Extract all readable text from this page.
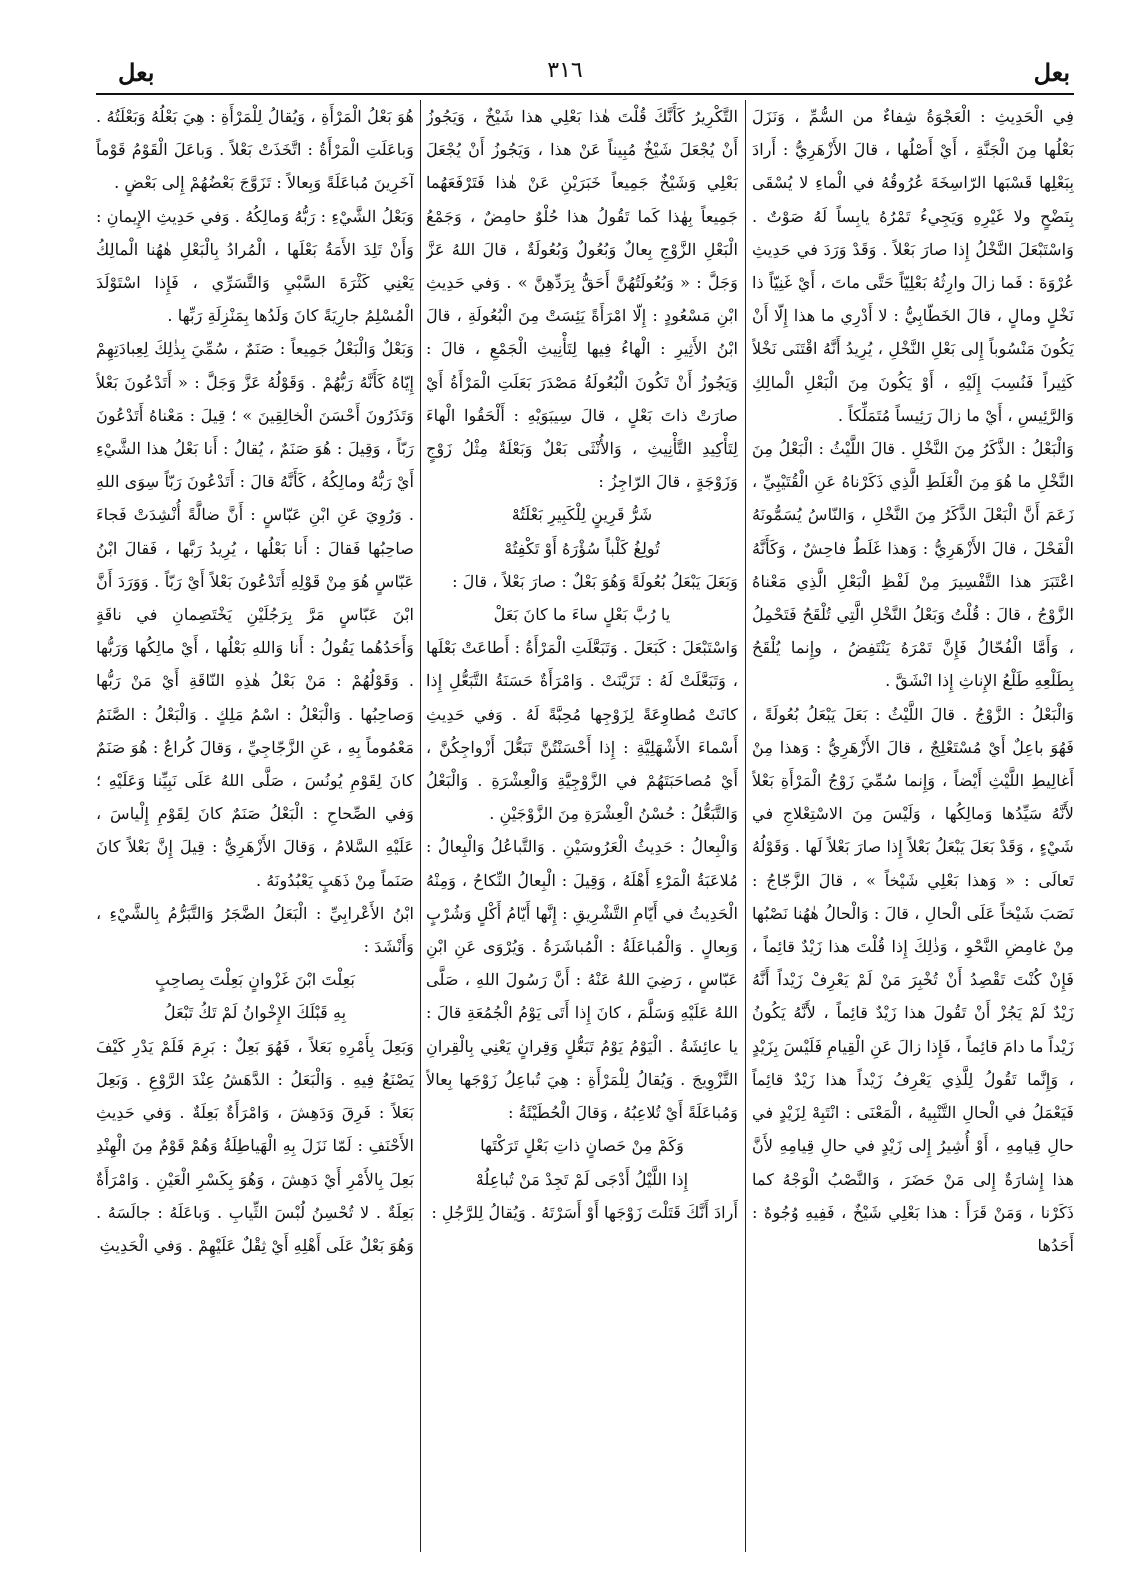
بعل
٣١٦
بعل

فِي الْحَدِيثِ : الْعَجْوَةُ شِفاءٌ من السُّمِّ ، وَنَزَلَ بَعْلُها مِنَ الْجَنَّةِ ، أَيْ أَصْلُها ، قالَ الأَزْهَرِيُّ : أَرادَ بِبَعْلِها قَسْبَها الرّاسِخَةَ عُرُوقُهُ في الْماءِ لا يُسْقَى بِنَضْحٍ ولا غَيْرِهِ وَيَجِيءُ تَمْرُهُ يابِساً لَهُ صَوْتٌ . وَاسْتَبْعَلَ النَّخْلُ إِذا صارَ بَعْلاً . وَقَدْ وَرَدَ في حَدِيثِ عُرْوَةَ : فَما زالَ وارِثُهُ بَعْلِيّاً حَتَّى ماتَ ، أَيْ غَنِيّاً ذا نَخْلٍ ومالٍ ، قالَ الخَطّابِيُّ : لا أَدْرِي ما هذا إِلّا أَنْ يَكُونَ مَنْسُوباً إِلى بَعْلِ النَّخْلِ ، يُرِيدُ أَنَّهُ اقْتَنَى نَخْلاً كَثِيراً فَنُسِبَ إِلَيْهِ ، أَوْ يَكُونَ مِنَ الْبَعْلِ الْمالِكِ وَالرَّئِيسِ ، أَيْ ما زالَ رَئِيساً مُتَمَلِّكاً .

وَالْبَعْلُ : الذَّكَرُ مِنَ النَّخْلِ . قالَ اللَّيْثُ : الْبَعْلُ مِنَ النَّخْلِ ما هُوَ مِنَ الْغَلَطِ الَّذِي ذَكَرْناهُ عَنِ الْقُتَيْبِيِّ ، زَعَمَ أَنَّ الْبَعْلَ الذَّكَرُ مِنَ النَّخْلِ ، وَالنّاسُ يُسَمُّونَهُ الْفَحْلَ ، قالَ الأَزْهَرِيُّ : وَهذا غَلَطٌ فاحِشٌ ، وَكَأَنَّهُ اعْتَبَرَ هذا التَّفْسِيرَ مِنْ لَفْظِ الْبَعْلِ الَّذِي مَعْناهُ الزَّوْجُ ، قالَ : قُلْتُ وَبَعْلُ النَّخْلِ الَّتِي تُلْقَحُ فَتَحْمِلُ ، وَأَمَّا الْفُحّالُ فَإِنَّ تَمْرَهُ يَنْتَفِضُ ، وإِنما يُلْقَحُ بِطَلْعِهِ طَلْعُ الإِناثِ إِذا انْشَقَّ .

وَالْبَعْلُ : الزَّوْجُ . قالَ اللَّيْثُ : بَعَلَ يَبْعَلُ بُعُولَةً ، فَهُوَ باعِلٌ أَيْ مُسْتَعْلِجٌ ، قالَ الأَزْهَرِيُّ : وَهذا مِنْ أَغالِيطِ اللَّيْثِ أَيْضاً ، وَإِنما سُمِّيَ زَوْجُ الْمَرْأَةِ بَعْلاً لأَنَّهُ سَيِّدُها وَمالِكُها ، وَلَيْسَ مِنَ الاسْتِعْلاجِ في شَيْءٍ ، وَقَدْ بَعَلَ يَبْعَلُ بَعْلاً إِذا صارَ بَعْلاً لَها . وَقَوْلُهُ تَعالَى : « وَهذا بَعْلِي شَيْخاً » ، قالَ الزَّجّاجُ : نَصَبَ شَيْخاً عَلَى الْحالِ ، قالَ : وَالْحالُ هٰهُنا نَصْبُها مِنْ غامِضِ النَّحْوِ ، وَذٰلِكَ إِذا قُلْتَ هذا زَيْدٌ قائِماً ، فَإِنْ كُنْتَ تَقْصِدُ أَنْ تُخْبِرَ مَنْ لَمْ يَعْرِفْ زَيْداً أَنَّهُ زَيْدٌ لَمْ يَجُزْ أَنْ تَقُولَ هذا زَيْدٌ قائِماً ، لأَنَّهُ يَكُونُ زَيْداً ما دامَ قائِماً ، فَإِذا زالَ عَنِ الْقِيامِ فَلَيْسَ بِزَيْدٍ ، وَإِنَّما تَقُولُ لِلَّذِي يَعْرِفُ زَيْداً هذا زَيْدٌ قائِماً فَيَعْمَلُ في الْحالِ التَّنْبِيهُ ، الْمَعْنَى : انْتَبِهْ لِزَيْدٍ في حالِ قِيامِهِ ، أَوْ أُشِيرُ إِلى زَيْدٍ في حالِ قِيامِهِ لأَنَّ هذا إِشارَةٌ إِلى مَنْ حَضَرَ ، وَالنَّصْبُ الْوَجْهُ كما ذَكَرْنا ، وَمَنْ قَرَأَ : هذا بَعْلِي شَيْخٌ ، فَفِيهِ وُجُوهٌ : أَحَدُها

التَّكْرِيرُ كَأَنَّكَ قُلْتَ هٰذا بَعْلِي هذا شَيْخٌ ، وَيَجُوزُ أَنْ يُجْعَلَ شَيْخٌ مُبِيناً عَنْ هذا ، وَيَجُوزُ أَنْ يُجْعَلَ بَعْلِي وَشَيْخٌ جَمِيعاً خَبَرَيْنِ عَنْ هٰذا فَتَرْفَعَهُما جَمِيعاً بِهٰذا كَما تَقُولُ هذا حُلْوٌ حامِضٌ ، وَجَمْعُ الْبَعْلِ الزَّوْجِ بِعالٌ وَبُعُولٌ وَبُعُولَةٌ ، قالَ اللهُ عَزَّ وَجَلَّ : « وَبُعُولَتُهُنَّ أَحَقُّ بِرَدِّهِنَّ » . وَفي حَدِيثِ ابْنِ مَسْعُودٍ : إِلّا امْرَأَةً يَئِسَتْ مِنَ الْبُعُولَةِ ، قالَ ابْنُ الأَثِيرِ : الْهاءُ فِيها لِتَأْنِيثِ الْجَمْعِ ، قالَ : وَيَجُوزُ أَنْ تَكُونَ الْبُعُولَةُ مَصْدَرَ بَعَلَتِ الْمَرْأَةُ أَيْ صارَتْ ذاتَ بَعْلٍ ، قالَ سِيبَوَيْهِ : أَلْحَقُوا الْهاءَ لِتَأْكِيدِ التَّأْنِيثِ ، وَالأُنْثَى بَعْلٌ وَبَعْلَةٌ مِثْلُ زَوْجٍ وَزَوْجَةٍ ، قالَ الرّاجِزُ :

شَرُّ قَرِينٍ لِلْكَبِيرِ بَعْلَتُهْ

تُولِغُ كَلْباً سُؤْرَهُ أَوْ تَكْفِتُهْ

وَبَعَلَ يَبْعَلُ بُعُولَةً وَهُوَ بَعْلٌ : صارَ بَعْلاً ، قالَ :

يا رُبَّ بَعْلٍ ساءَ ما كانَ بَعَلْ

وَاسْتَبْعَلَ : كَبَعَلَ . وَتَبَعَّلَتِ الْمَرْأَةُ : أَطاعَتْ بَعْلَها ، وَتَبَعَّلَتْ لَهُ : تَزَيَّنَتْ . وَامْرَأَةٌ حَسَنَةُ التَّبَعُّلِ إِذا كانَتْ مُطاوِعَةً لِزَوْجِها مُحِبَّةً لَهُ . وَفي حَدِيثِ أَسْماءَ الأَشْهَلِيَّةِ : إِذا أَحْسَنْتُنَّ تَبَعُّلَ أَزْواجِكُنَّ ، أَيْ مُصاحَبَتَهُمْ في الزَّوْجِيَّةِ وَالْعِشْرَةِ . وَالْبَعْلُ وَالتَّبَعُّلُ : حُسْنُ الْعِشْرَةِ مِنَ الزَّوْجَيْنِ .

وَالْبِعالُ : حَدِيثُ الْعَرُوسَيْنِ . وَالتَّباعُلُ وَالْبِعالُ : مُلاعَبَةُ الْمَرْءِ أَهْلَهُ ، وَقِيلَ : الْبِعالُ النِّكاحُ ، وَمِنْهُ الْحَدِيثُ في أَيّامِ التَّشْرِيقِ : إِنَّها أَيّامُ أَكْلٍ وَشُرْبٍ وَبِعالٍ . وَالْمُباعَلَةُ : الْمُباشَرَةُ . وَيُرْوَى عَنِ ابْنِ عَبّاسٍ ، رَضِيَ اللهُ عَنْهُ : أَنَّ رَسُولَ اللهِ ، صَلَّى اللهُ عَلَيْهِ وَسَلَّمَ ، كانَ إِذا أَتَى يَوْمُ الْجُمُعَةِ قالَ : يا عائِشَةُ . الْيَوْمُ يَوْمُ تَبَعُّلٍ وَقِرانٍ يَعْنِي بِالْقِرانِ التَّزْوِيجَ . وَيُقالُ لِلْمَرْأَةِ : هِيَ تُباعِلُ زَوْجَها بِعالاً وَمُباعَلَةً أَيْ تُلاعِبُهُ ، وَقالَ الْحُطَيْئَةُ :

وَكَمْ مِنْ حَصانٍ ذاتِ بَعْلٍ تَرَكْتَها

إِذا اللَّيْلُ أَدْجَى لَمْ تَجِدْ مَنْ تُباعِلُهْ

أَرادَ أَنَّكَ قَتَلْتَ زَوْجَها أَوْ أَسَرْتَهُ . وَيُقالُ لِلرَّجُلِ :

هُوَ بَعْلُ الْمَرْأَةِ ، وَيُقالُ لِلْمَرْأَةِ : هِيَ بَعْلُهُ وَبَعْلَتُهُ . وَباعَلَتِ الْمَرْأَةُ : اتَّخَذَتْ بَعْلاً . وَباعَلَ الْقَوْمُ قَوْماً آخَرِينَ مُباعَلَةً وَبِعالاً : تَزَوَّجَ بَعْضُهُمْ إِلى بَعْضٍ .

وَبَعْلُ الشَّيْءِ : رَبُّهُ وَمالِكُهُ . وَفي حَدِيثِ الإِيمانِ : وَأَنْ تَلِدَ الأَمَةُ بَعْلَها ، الْمُرادُ بِالْبَعْلِ هٰهُنا الْمالِكُ يَعْنِي كَثْرَةَ السَّبْيِ وَالتَّسَرِّي ، فَإِذا اسْتَوْلَدَ الْمُسْلِمُ جارِيَةً كانَ وَلَدُها بِمَنْزِلَةِ رَبِّها .

وَبَعْلٌ وَالْبَعْلُ جَمِيعاً : صَنَمٌ ، سُمِّيَ بِذٰلِكَ لِعِبادَتِهِمْ إِيّاهُ كَأَنَّهُ رَبُّهُمْ . وَقَوْلُهُ عَزَّ وَجَلَّ : « أَتَدْعُونَ بَعْلاً وَتَذَرُونَ أَحْسَنَ الْخالِقِينَ » ؛ قِيلَ : مَعْناهُ أَتَدْعُونَ رَبّاً ، وَقِيلَ : هُوَ صَنَمٌ ، يُقالُ : أَنا بَعْلُ هذا الشَّيْءِ أَيْ رَبُّهُ ومالِكُهُ ، كَأَنَّهُ قالَ : أَتَدْعُونَ رَبّاً سِوَى اللهِ . وَرُوِيَ عَنِ ابْنِ عَبّاسٍ : أَنَّ ضالَّةً أُنْشِدَتْ فَجاءَ صاحِبُها فَقالَ : أَنا بَعْلُها ، يُرِيدُ رَبَّها ، فَقالَ ابْنُ عَبّاسٍ هُوَ مِنْ قَوْلِهِ أَتَدْعُونَ بَعْلاً أَيْ رَبّاً . وَوَرَدَ أَنَّ ابْنَ عَبّاسٍ مَرَّ بِرَجُلَيْنِ يَخْتَصِمانِ في ناقَةٍ وَأَحَدُهُما يَقُولُ : أَنا وَاللهِ بَعْلُها ، أَيْ مالِكُها وَرَبُّها . وَقَوْلُهُمْ : مَنْ بَعْلُ هٰذِهِ النّاقَةِ أَيْ مَنْ رَبُّها وَصاحِبُها . وَالْبَعْلُ : اسْمُ مَلِكٍ . وَالْبَعْلُ : الصَّنَمُ مَعْمُوماً بِهِ ، عَنِ الزَّجّاجِيِّ ، وَقالَ كُراعٌ : هُوَ صَنَمٌ كانَ لِقَوْمِ يُونُسَ ، صَلَّى اللهُ عَلَى نَبِيِّنا وَعَلَيْهِ ؛ وَفي الصِّحاحِ : الْبَعْلُ صَنَمٌ كانَ لِقَوْمِ إِلْياسَ ، عَلَيْهِ السَّلامُ ، وَقالَ الأَزْهَرِيُّ : قِيلَ إِنَّ بَعْلاً كانَ صَنَماً مِنْ ذَهَبٍ يَعْبُدُونَهُ .

ابْنُ الأَعْرابِيِّ : الْبَعَلُ الضَّجَرُ وَالتَّبَرُّمُ بِالشَّيْءِ ، وَأَنْشَدَ :

بَعِلْتَ ابْنَ غَزْوانٍ بَعِلْتَ بِصاحِبٍ

بِهِ قَبْلَكَ الإِخْوانُ لَمْ تَكُ تَبْعَلُ

وَبَعِلَ بِأَمْرِهِ بَعَلاً ، فَهُوَ بَعِلٌ : بَرِمَ فَلَمْ يَدْرِ كَيْفَ يَصْنَعُ فِيهِ . وَالْبَعَلُ : الدَّهَشُ عِنْدَ الرَّوْعِ . وَبَعِلَ بَعَلاً : فَرِقَ وَدَهِشَ ، وَامْرَأَةٌ بَعِلَةٌ . وَفي حَدِيثِ الأَحْنَفِ : لَمّا نَزَلَ بِهِ الْهَياطِلَةُ وَهُمْ قَوْمٌ مِنَ الْهِنْدِ بَعِلَ بِالأَمْرِ أَيْ دَهِشَ ، وَهُوَ بِكَسْرِ الْعَيْنِ . وَامْرَأَةٌ بَعِلَةٌ . لا تُحْسِنُ لُبْسَ الثِّيابِ . وَباعَلَهُ : جالَسَهُ . وَهُوَ بَعْلٌ عَلَى أَهْلِهِ أَيْ ثِقْلٌ عَلَيْهِمْ . وَفي الْحَدِيثِ
